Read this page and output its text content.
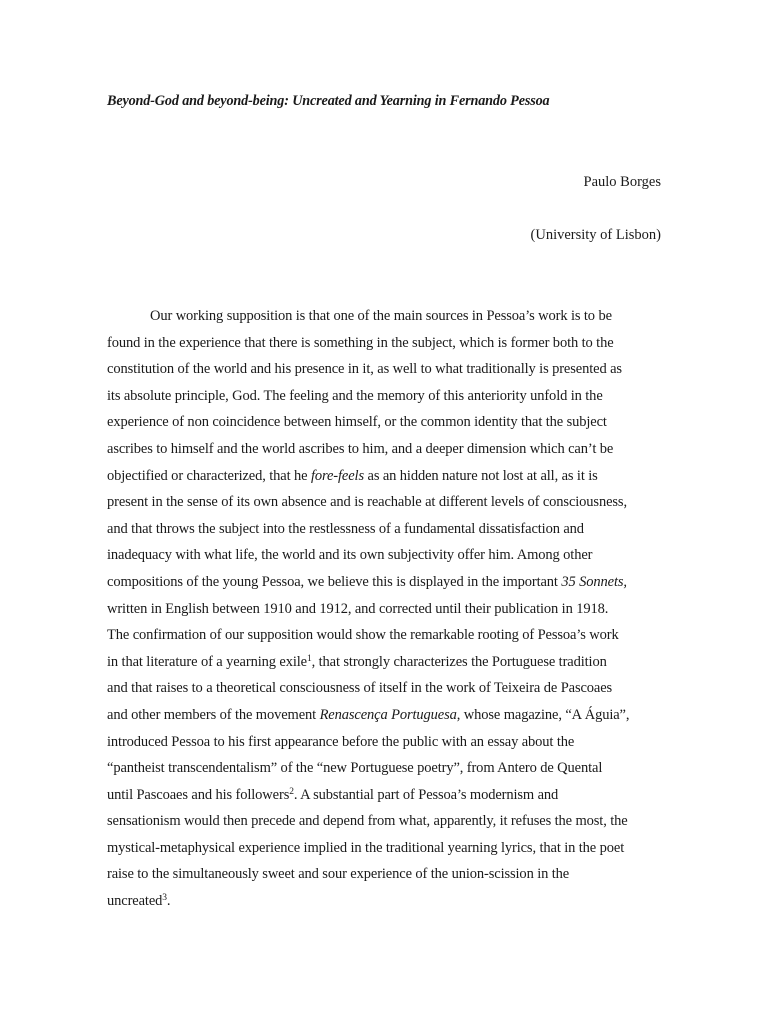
Beyond-God and beyond-being: Uncreated and Yearning in Fernando Pessoa
Paulo Borges
(University of Lisbon)
Our working supposition is that one of the main sources in Pessoa’s work is to be
found in the experience that there is something in the subject, which is former both to the
constitution of the world and his presence in it, as well to what traditionally is presented as
its absolute principle, God. The feeling and the memory of this anteriority unfold in the
experience of non coincidence between himself, or the common identity that the subject
ascribes to himself and the world ascribes to him, and a deeper dimension which can’t be
objectified or characterized, that he fore-feels as an hidden nature not lost at all, as it is
present in the sense of its own absence and is reachable at different levels of consciousness,
and that throws the subject into the restlessness of a fundamental dissatisfaction and
inadequacy with what life, the world and its own subjectivity offer him. Among other
compositions of the young Pessoa, we believe this is displayed in the important 35 Sonnets,
written in English between 1910 and 1912, and corrected until their publication in 1918.
The confirmation of our supposition would show the remarkable rooting of Pessoa’s work
in that literature of a yearning exile$^1$, that strongly characterizes the Portuguese tradition
and that raises to a theoretical consciousness of itself in the work of Teixeira de Pascoaes
and other members of the movement Renascença Portuguesa, whose magazine, “A Águia”,
introduced Pessoa to his first appearance before the public with an essay about the
“pantheist transcendentalism” of the “new Portuguese poetry”, from Antero de Quental
until Pascoaes and his followers$^2$. A substantial part of Pessoa’s modernism and
sensationism would then precede and depend from what, apparently, it refuses the most, the
mystical-metaphysical experience implied in the traditional yearning lyrics, that in the poet
raise to the simultaneously sweet and sour experience of the union-scission in the
uncreated$^3$.
